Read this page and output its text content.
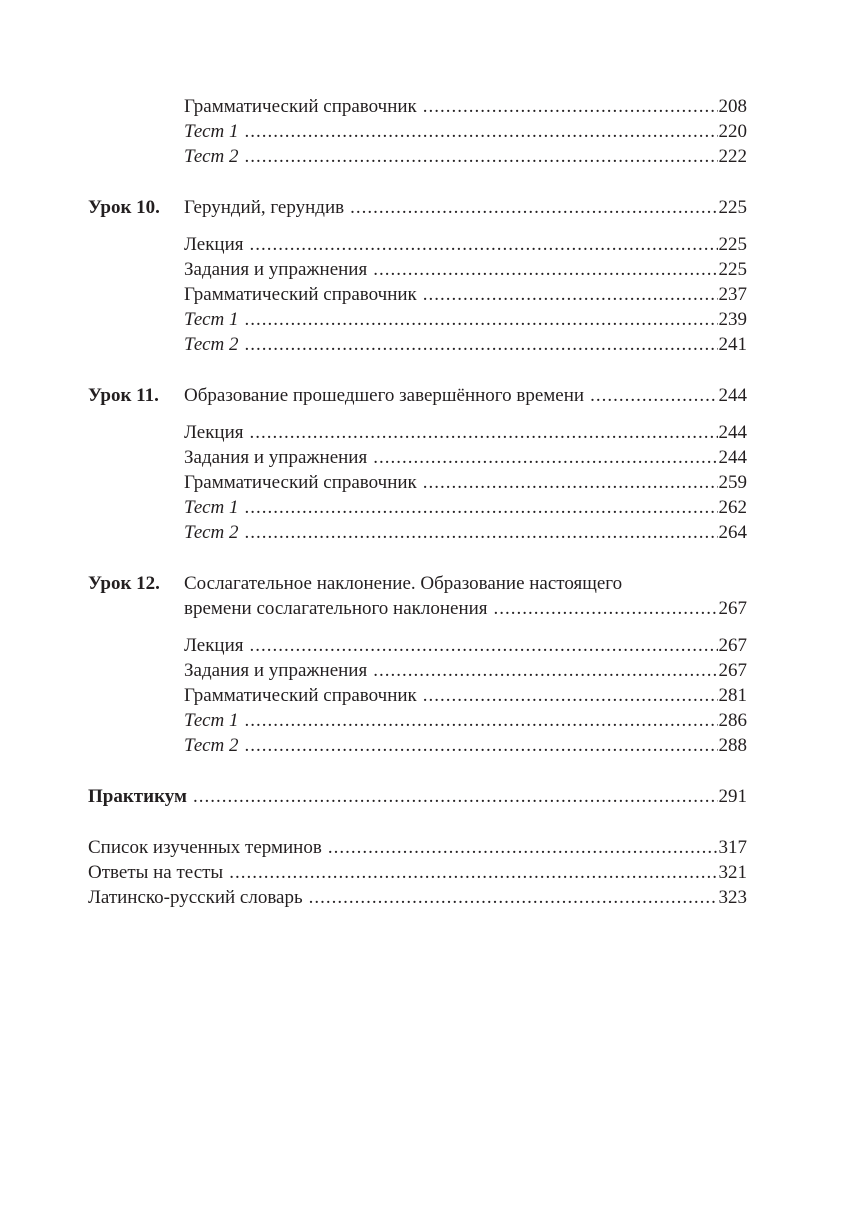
Грамматический справочник .....	208
Тест 1 .....	220
Тест 2 .....	222
Урок 10.	Герундий, герундив .....	225
Лекция .....	225
Задания и упражнения .....	225
Грамматический справочник .....	237
Тест 1 .....	239
Тест 2 .....	241
Урок 11.	Образование прошедшего завершённого времени .....	244
Лекция .....	244
Задания и упражнения .....	244
Грамматический справочник .....	259
Тест 1 .....	262
Тест 2 .....	264
Урок 12.	Сослагательное наклонение. Образование настоящего
времени сослагательного наклонения .....	267
Лекция .....	267
Задания и упражнения .....	267
Грамматический справочник .....	281
Тест 1 .....	286
Тест 2 .....	288
Практикум .....	291
Список изученных терминов .....	317
Ответы на тесты .....	321
Латинско-русский словарь .....	323
